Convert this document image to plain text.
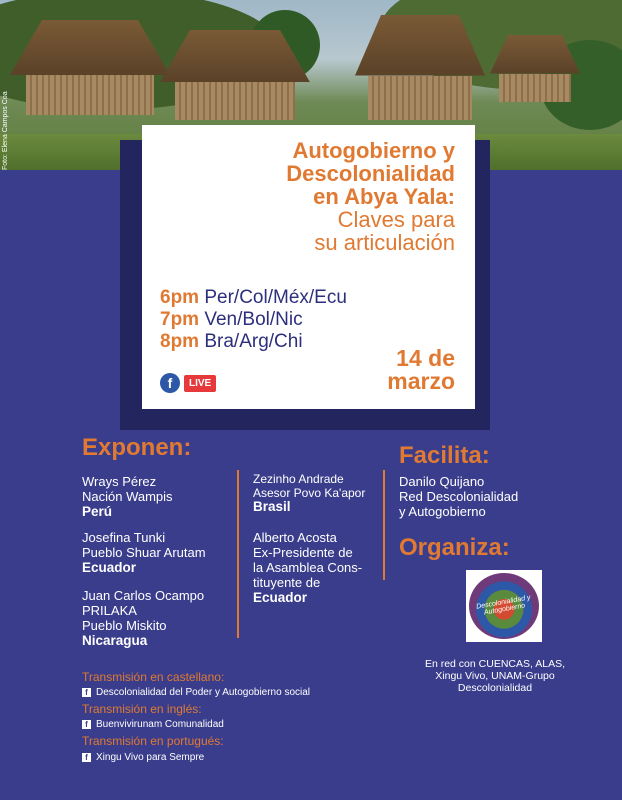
Foto: Elena Campos Coa	Autogobierno y
Descolonialidad
en Abya Yala:
Claves para
su articulación
6pm Per/Col/Méx/Ecu
7pm Ven/Bol/Nic
8pm Bra/Arg/Chi
f	LIVE
14 de
marzo
Exponen:
Wrays Pérez
Nación Wampis
Perú
Josefina Tunki
Pueblo Shuar Arutam
Ecuador
Juan Carlos Ocampo
PRILAKA
Pueblo Miskito
Nicaragua
Zezinho Andrade
Asesor Povo Ka'apor
Brasil
Alberto Acosta
Ex-Presidente de
la Asamblea Cons-
tituyente de
Ecuador
Facilita:
Danilo Quijano
Red Descolonialidad
y Autogobierno
Organiza:
Descolonialidad y Autogobierno
En red con CUENCAS, ALAS, Xingu Vivo, UNAM-Grupo Descolonialidad
Transmisión en castellano:
f Descolonialidad del Poder y Autogobierno social
Transmisión en inglés:
f Buenvivirunam Comunalidad
Transmisión en portugués:
f Xingu Vivo para Sempre
